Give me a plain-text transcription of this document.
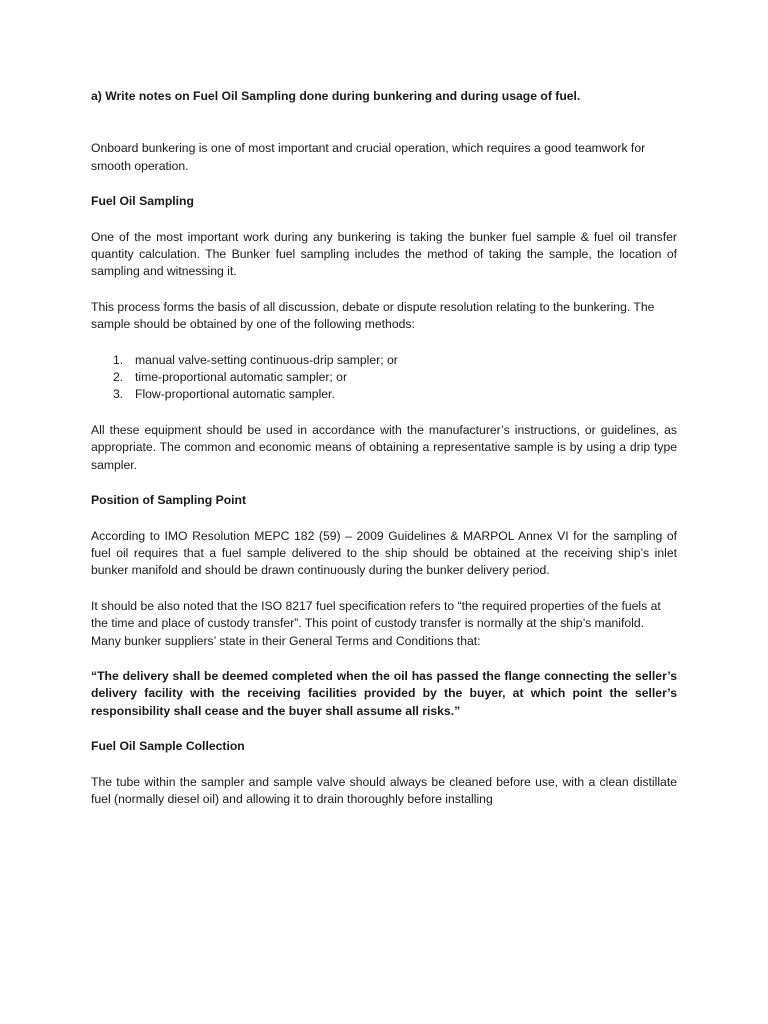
a) Write notes on Fuel Oil Sampling done during bunkering and during usage of fuel.

Onboard bunkering is one of most important and crucial operation, which requires a good teamwork for smooth operation.

Fuel Oil Sampling

One of the most important work during any bunkering is taking the bunker fuel sample & fuel oil transfer quantity calculation. The Bunker fuel sampling includes the method of taking the sample, the location of sampling and witnessing it.

This process forms the basis of all discussion, debate or dispute resolution relating to the bunkering. The sample should be obtained by one of the following methods:

1. manual valve-setting continuous-drip sampler; or
2. time-proportional automatic sampler; or
3. Flow-proportional automatic sampler.

All these equipment should be used in accordance with the manufacturer’s instructions, or guidelines, as appropriate. The common and economic means of obtaining a representative sample is by using a drip type sampler.

Position of Sampling Point

According to IMO Resolution MEPC 182 (59) – 2009 Guidelines & MARPOL Annex VI for the sampling of fuel oil requires that a fuel sample delivered to the ship should be obtained at the receiving ship’s inlet bunker manifold and should be drawn continuously during the bunker delivery period.

It should be also noted that the ISO 8217 fuel specification refers to “the required properties of the fuels at the time and place of custody transfer”. This point of custody transfer is normally at the ship’s manifold. Many bunker suppliers’ state in their General Terms and Conditions that:

“The delivery shall be deemed completed when the oil has passed the flange connecting the seller’s delivery facility with the receiving facilities provided by the buyer, at which point the seller’s responsibility shall cease and the buyer shall assume all risks.”

Fuel Oil Sample Collection

The tube within the sampler and sample valve should always be cleaned before use, with a clean distillate fuel (normally diesel oil) and allowing it to drain thoroughly before installing
